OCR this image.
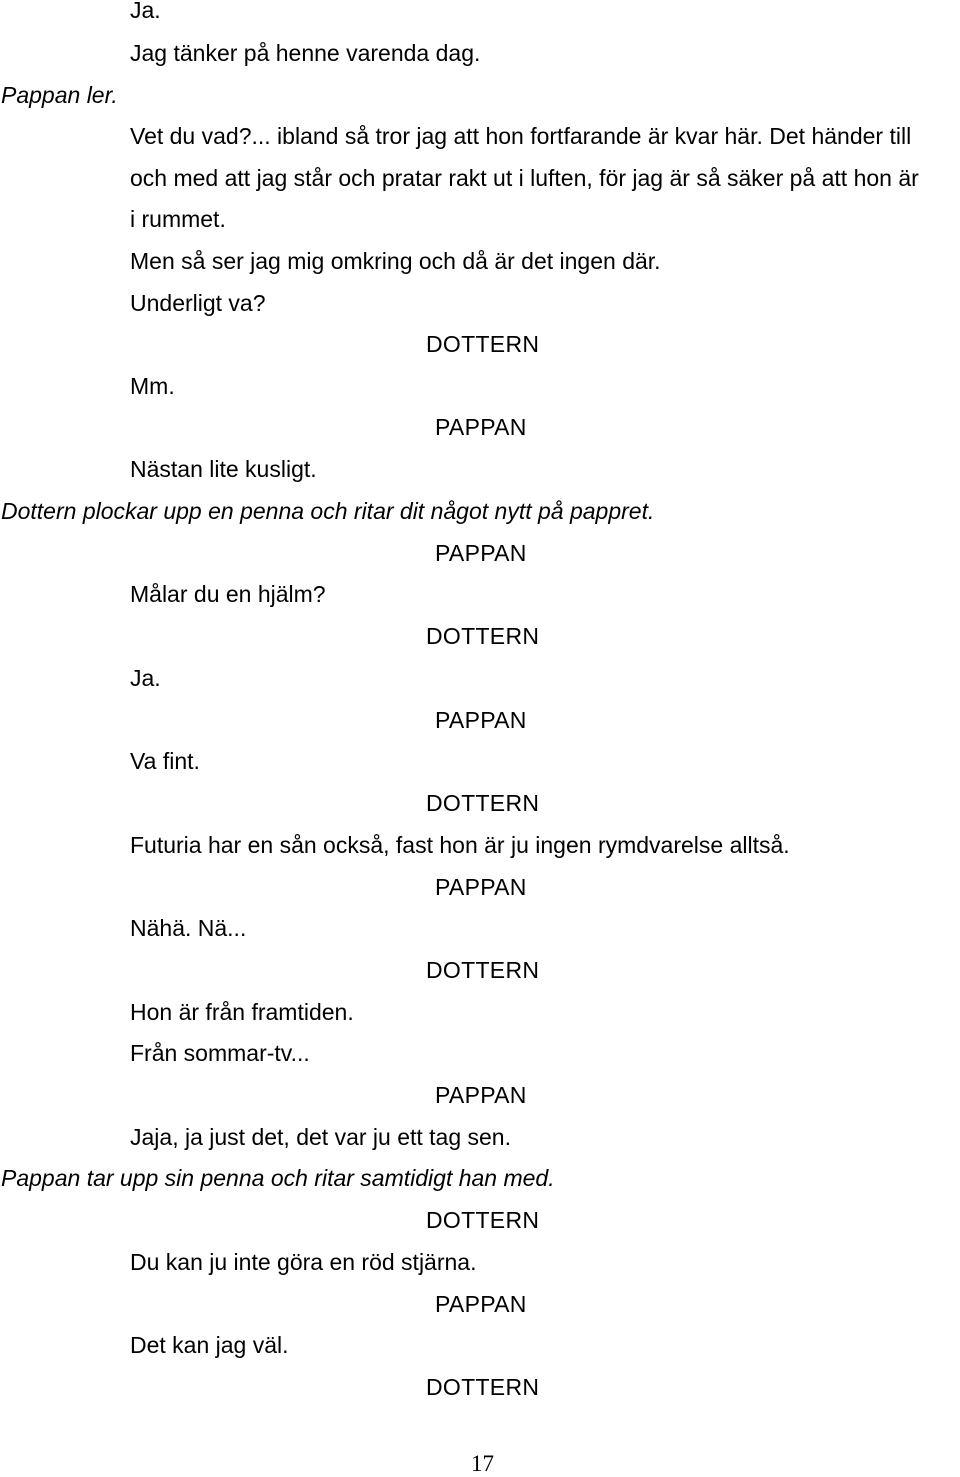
Ja.

Jag tänker på henne varenda dag.

Pappan ler.

Vet du vad?... ibland så tror jag att hon fortfarande är kvar här. Det händer till

och med att jag står och pratar rakt ut i luften, för jag är så säker på att hon är

i rummet.

Men så ser jag mig omkring och då är det ingen där.

Underligt va?

DOTTERN

Mm.

PAPPAN

Nästan lite kusligt.

Dottern plockar upp en penna och ritar dit något nytt på pappret.

PAPPAN

Målar du en hjälm?

DOTTERN

Ja.

PAPPAN

Va fint.

DOTTERN

Futuria har en sån också, fast hon är ju ingen rymdvarelse alltså.

PAPPAN

Nähä. Nä...

DOTTERN

Hon är från framtiden.

Från sommar-tv...

PAPPAN

Jaja, ja just det, det var ju ett tag sen.

Pappan tar upp sin penna och ritar samtidigt han med.

DOTTERN

Du kan ju inte göra en röd stjärna.

PAPPAN

Det kan jag väl.

DOTTERN

17
